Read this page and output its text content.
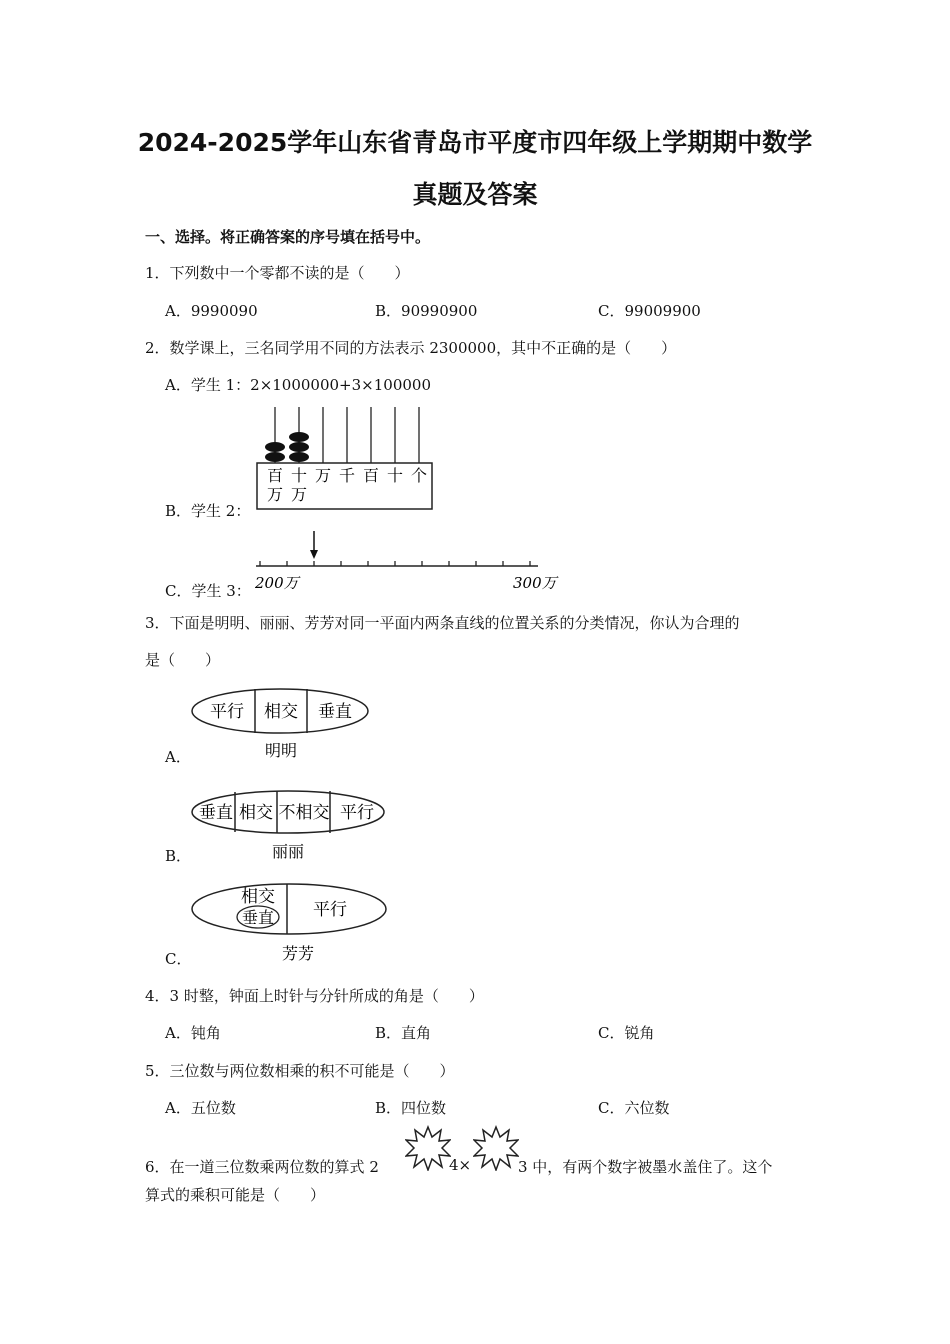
2024-2025学年山东省青岛市平度市四年级上学期期中数学
真题及答案
一、选择。将正确答案的序号填在括号中。
1．下列数中一个零都不读的是（　　）
A．9990090	B．90990900	C．99009900
2．数学课上，三名同学用不同的方法表示 2300000，其中不正确的是（　　）
A．学生 1：2×1000000+3×100000
B．学生 2：
百
万
十
万
万 千 百 十 个
C．学生 3： 200万	300万
3．下面是明明、丽丽、芳芳对同一平面内两条直线的位置关系的分类情况，你认为合理的
是（　　）
A．
平行 相交 垂直
明明
B．
垂直 相交 不相交 平行
丽丽
C．
相交
垂直 平行
芳芳
4．3 时整，钟面上时针与分针所成的角是（　　）
A．钝角	B．直角	C．锐角
5．三位数与两位数相乘的积不可能是（　　）
A．五位数	B．四位数	C．六位数
6．在一道三位数乘两位数的算式 2	4×	3 中，有两个数字被墨水盖住了。这个
算式的乘积可能是（　　）
